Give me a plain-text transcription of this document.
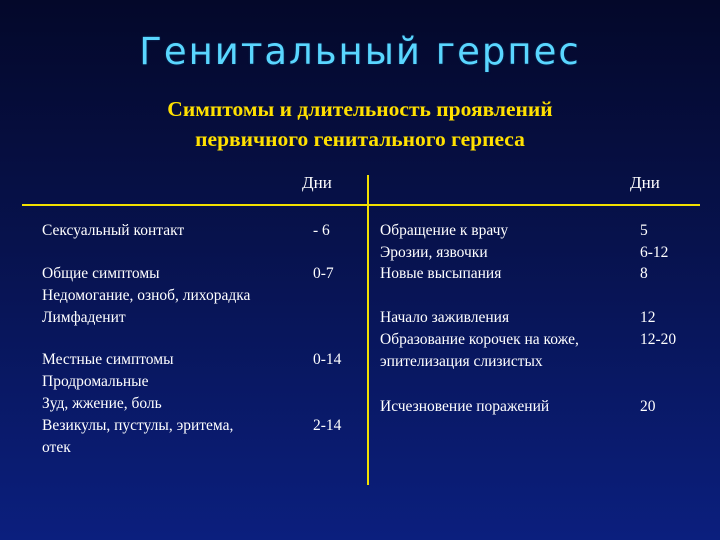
Генитальный герпес
Симптомы и длительность проявлений
первичного генитального герпеса
Дни	Дни
Сексуальный контакт	- 6
Общие симптомы	0-7
Недомогание, озноб, лихорадка
Лимфаденит
Местные симптомы	0-14
Продромальные
Зуд, жжение, боль
Везикулы, пустулы, эритема,	2-14
отек
Обращение к врачу	5
Эрозии, язвочки	6-12
Новые высыпания	8
Начало заживления	12
Образование корочек на коже,	12-20
эпителизация слизистых
Исчезновение поражений	20
